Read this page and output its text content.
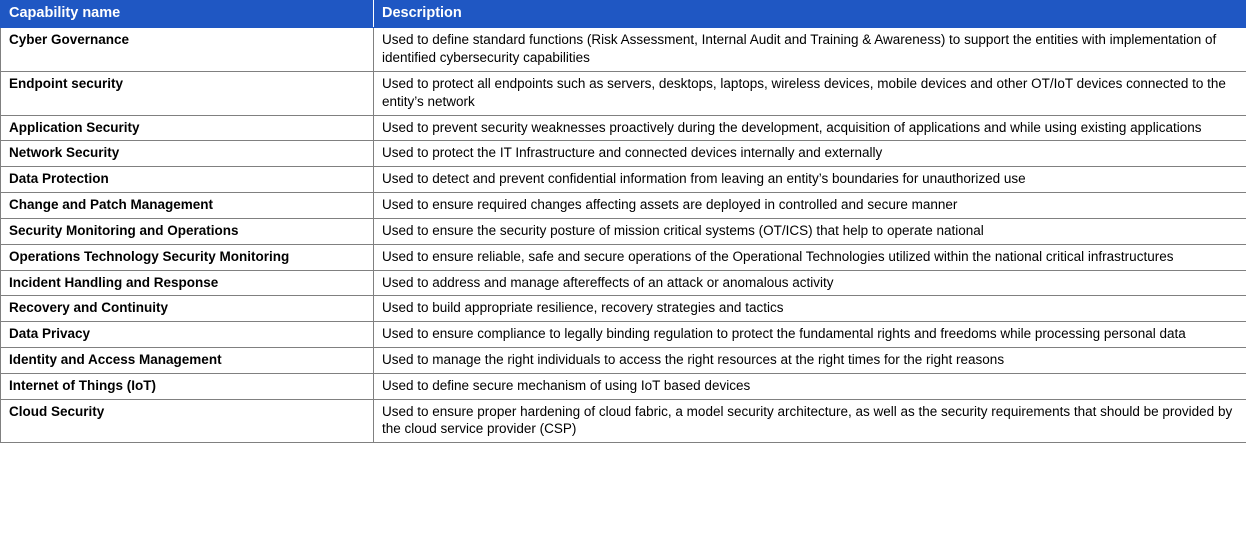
Capability name	Description
Cyber Governance	Used to define standard functions (Risk Assessment, Internal Audit and Training & Awareness) to support the entities with implementation of identified cybersecurity capabilities
Endpoint security	Used to protect all endpoints such as servers, desktops, laptops, wireless devices, mobile devices and other OT/IoT devices connected to the entity’s network
Application Security	Used to prevent security weaknesses proactively during the development, acquisition of applications and while using existing applications
Network Security	Used to protect the IT Infrastructure and connected devices internally and externally
Data Protection	Used to detect and prevent confidential information from leaving an entity’s boundaries for unauthorized use
Change and Patch Management	Used to ensure required changes affecting assets are deployed in controlled and secure manner
Security Monitoring and Operations	Used to ensure the security posture of mission critical systems (OT/ICS) that help to operate national
Operations Technology Security Monitoring	Used to ensure reliable, safe and secure operations of the Operational Technologies utilized within the national critical infrastructures
Incident Handling and Response	Used to address and manage aftereffects of an attack or anomalous activity
Recovery and Continuity	Used to build appropriate resilience, recovery strategies and tactics
Data Privacy	Used to ensure compliance to legally binding regulation to protect the fundamental rights and freedoms while processing personal data
Identity and Access Management	Used to manage the right individuals to access the right resources at the right times for the right reasons
Internet of Things (IoT)	Used to define secure mechanism of using IoT based devices
Cloud Security	Used to ensure proper hardening of cloud fabric, a model security architecture, as well as the security requirements that should be provided by the cloud service provider (CSP)
